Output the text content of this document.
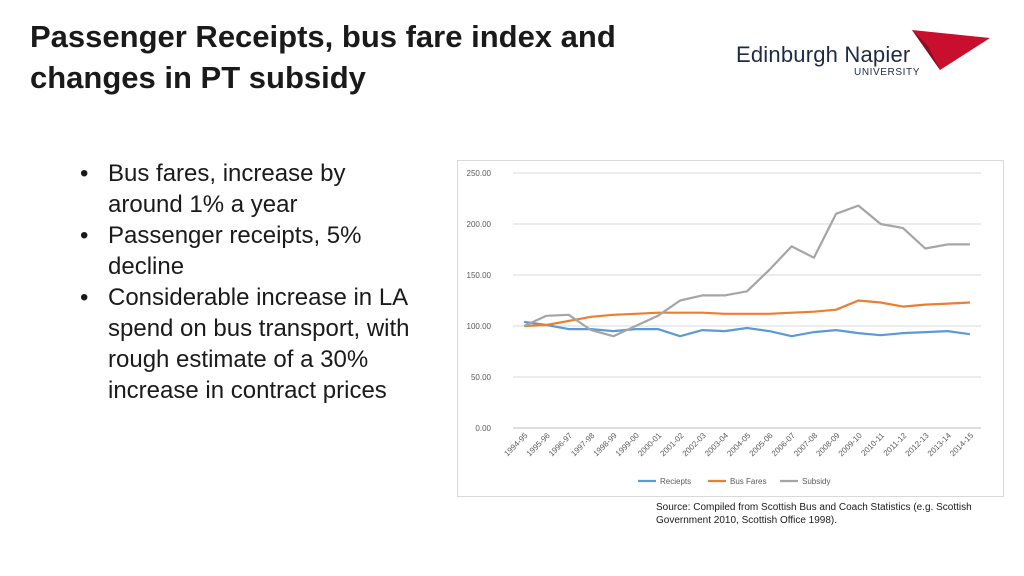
Passenger Receipts, bus fare index and
changes in PT subsidy
Edinburgh Napier
UNIVERSITY
• Bus fares, increase by around 1% a year
• Passenger receipts, 5% decline
• Considerable increase in LA spend on bus transport, with rough estimate of a 30% increase in contract prices
0.00
50.00
100.00
150.00
200.00
250.00
1994-95
1995-96
1996-97
1997-98
1998-99
1999-00
2000-01
2001-02
2002-03
2003-04
2004-05
2005-06
2006-07
2007-08
2008-09
2009-10
2010-11
2011-12
2012-13
2013-14
2014-15
Reciepts	Bus Fares	Subsidy
Source: Compiled from Scottish Bus and Coach Statistics (e.g. Scottish Government 2010, Scottish Office 1998).
